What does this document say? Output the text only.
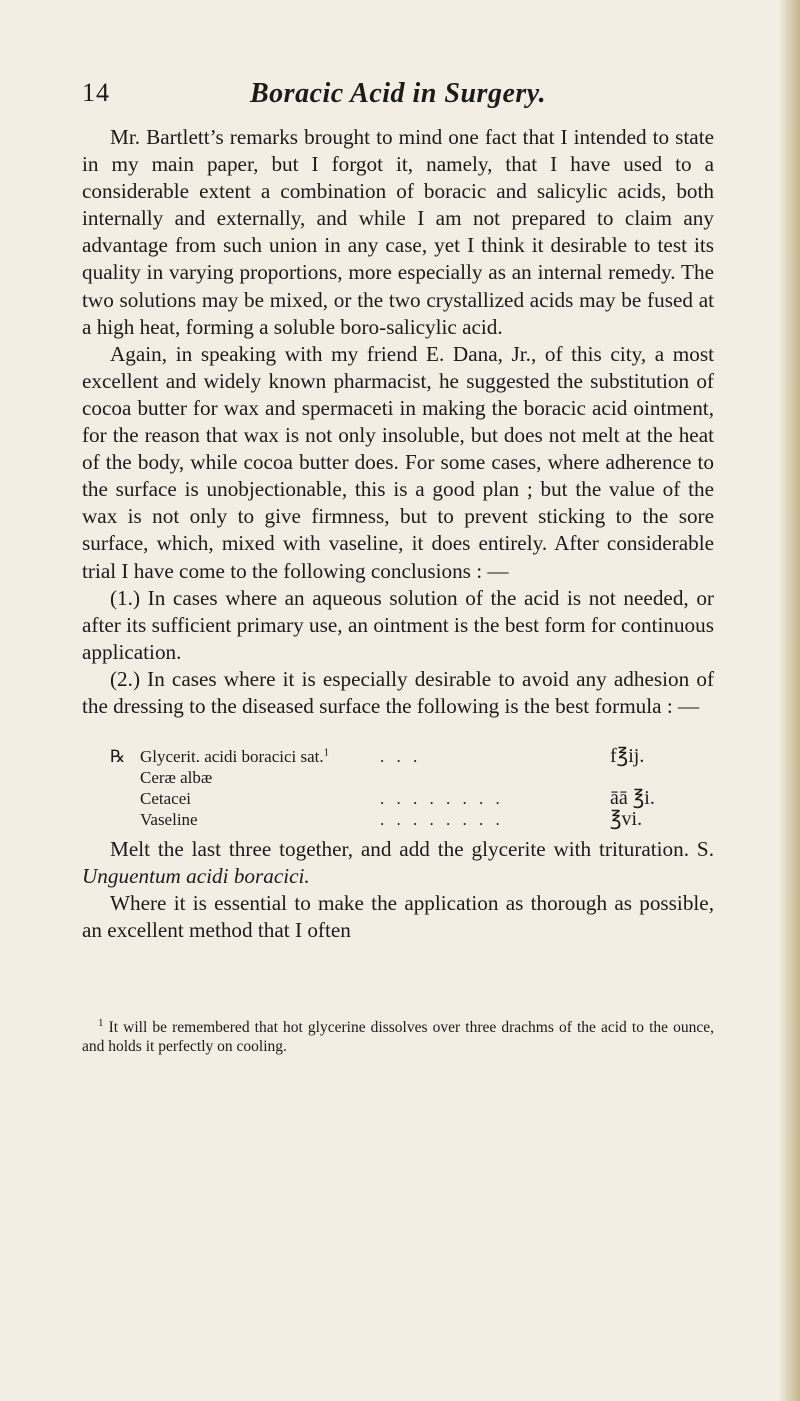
14	Boracic Acid in Surgery.

Mr. Bartlett’s remarks brought to mind one fact that I intended to state in my main paper, but I forgot it, namely, that I have used to a considerable extent a combination of boracic and salicylic acids, both internally and externally, and while I am not prepared to claim any advantage from such union in any case, yet I think it desirable to test its quality in varying proportions, more especially as an internal remedy. The two solutions may be mixed, or the two crystallized acids may be fused at a high heat, forming a soluble boro-salicylic acid.

Again, in speaking with my friend E. Dana, Jr., of this city, a most excellent and widely known pharmacist, he suggested the substitution of cocoa butter for wax and spermaceti in making the boracic acid ointment, for the reason that wax is not only insoluble, but does not melt at the heat of the body, while cocoa butter does. For some cases, where adherence to the surface is unobjectionable, this is a good plan ; but the value of the wax is not only to give firmness, but to prevent sticking to the sore surface, which, mixed with vaseline, it does entirely. After considerable trial I have come to the following conclusions : —

(1.) In cases where an aqueous solution of the acid is not needed, or after its sufficient primary use, an ointment is the best form for continuous application.

(2.) In cases where it is especially desirable to avoid any adhesion of the dressing to the diseased surface the following is the best formula : —

℞ Glycerit. acidi boracici sat.$^1$	. . .	f℥ij.
Ceræ albæ
Cetacei	. . . . . . . .	āā ℥i.
Vaseline	. . . . . . . .	℥vi.

Melt the last three together, and add the glycerite with trituration. S. Unguentum acidi boracici.

Where it is essential to make the application as thorough as possible, an excellent method that I often

$^1$ It will be remembered that hot glycerine dissolves over three drachms of the acid to the ounce, and holds it perfectly on cooling.
